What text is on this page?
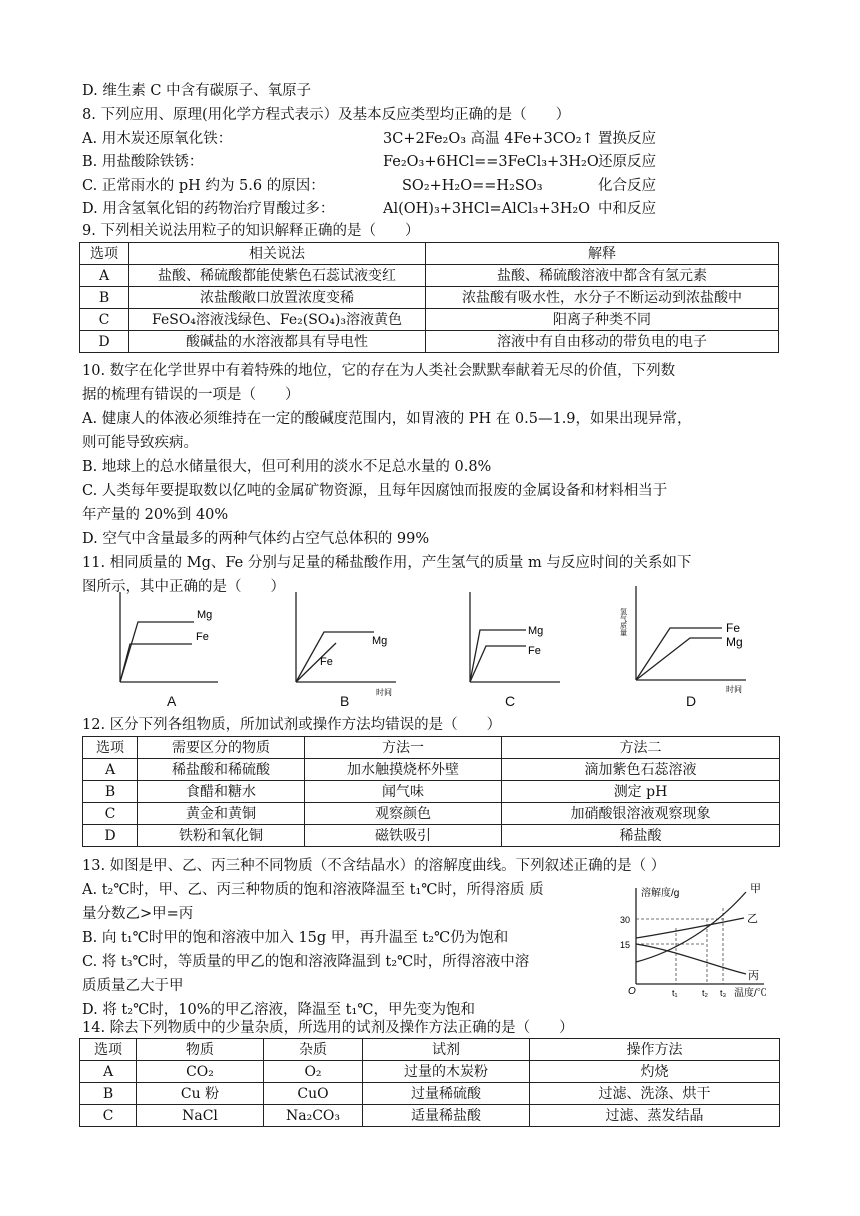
D. 维生素 C 中含有碳原子、氧原子
8. 下列应用、原理(用化学方程式表示）及基本反应类型均正确的是（　　）
A. 用木炭还原氧化铁：	3C+2Fe₂O₃ 高温 4Fe+3CO₂↑ 置换反应
B. 用盐酸除铁锈：	Fe₂O₃+6HCl==3FeCl₃+3H₂O 还原反应
C. 正常雨水的 pH 约为 5.6 的原因：	SO₂+H₂O==H₂SO₃	化合反应
D. 用含氢氧化铝的药物治疗胃酸过多：	Al(OH)₃+3HCl=AlCl₃+3H₂O 中和反应
9. 下列相关说法用粒子的知识解释正确的是（　　）
选项	相关说法	解释
A	盐酸、稀硫酸都能使紫色石蕊试液变红	盐酸、稀硫酸溶液中都含有氢元素
B	浓盐酸敞口放置浓度变稀	浓盐酸有吸水性，水分子不断运动到浓盐酸中
C	FeSO₄溶液浅绿色、Fe₂(SO₄)₃溶液黄色	阳离子种类不同
D	酸碱盐的水溶液都具有导电性	溶液中有自由移动的带负电的电子
10. 数字在化学世界中有着特殊的地位，它的存在为人类社会默默奉献着无尽的价值，下列数
据的梳理有错误的一项是（　　）
A. 健康人的体液必须维持在一定的酸碱度范围内，如胃液的 PH 在 0.5—1.9，如果出现异常，
则可能导致疾病。
B. 地球上的总水储量很大，但可利用的淡水不足总水量的 0.8%
C. 人类每年要提取数以亿吨的金属矿物资源，且每年因腐蚀而报废的金属设备和材料相当于
年产量的 20%到 40%
D. 空气中含量最多的两种气体约占空气总体积的 99%
11. 相同质量的 Mg、Fe 分别与足量的稀盐酸作用，产生氢气的质量 m 与反应时间的关系如下
图所示，其中正确的是（　　）
Mg
Fe
A
Mg
Fe
时间
B
Mg
Fe
C
Fe
Mg
氢气质量
时间
D
12. 区分下列各组物质，所加试剂或操作方法均错误的是（　　）
选项	需要区分的物质	方法一	方法二
A	稀盐酸和稀硫酸	加水触摸烧杯外壁	滴加紫色石蕊溶液
B	食醋和糖水	闻气味	测定 pH
C	黄金和黄铜	观察颜色	加硝酸银溶液观察现象
D	铁粉和氧化铜	磁铁吸引	稀盐酸
13. 如图是甲、乙、丙三种不同物质（不含结晶水）的溶解度曲线。下列叙述正确的是（ ）
A. t₂℃时，甲、乙、丙三种物质的饱和溶液降温至 t₁℃时，所得溶质 质
量分数乙>甲=丙
B. 向 t₁℃时甲的饱和溶液中加入 15g 甲，再升温至 t₂℃仍为饱和
C. 将 t₃℃时，等质量的甲乙的饱和溶液降温到 t₂℃时，所得溶液中溶
质质量乙大于甲
D. 将 t₂℃时，10%的甲乙溶液，降温至 t₁℃，甲先变为饱和
溶解度/g
30
15
O	t₁	t₂ t₃ 温度/℃
甲
乙
丙
14. 除去下列物质中的少量杂质，所选用的试剂及操作方法正确的是（　　）
选项	物质	杂质	试剂	操作方法
A	CO₂	O₂	过量的木炭粉	灼烧
B	Cu 粉	CuO	过量稀硫酸	过滤、洗涤、烘干
C	NaCl	Na₂CO₃	适量稀盐酸	过滤、蒸发结晶
